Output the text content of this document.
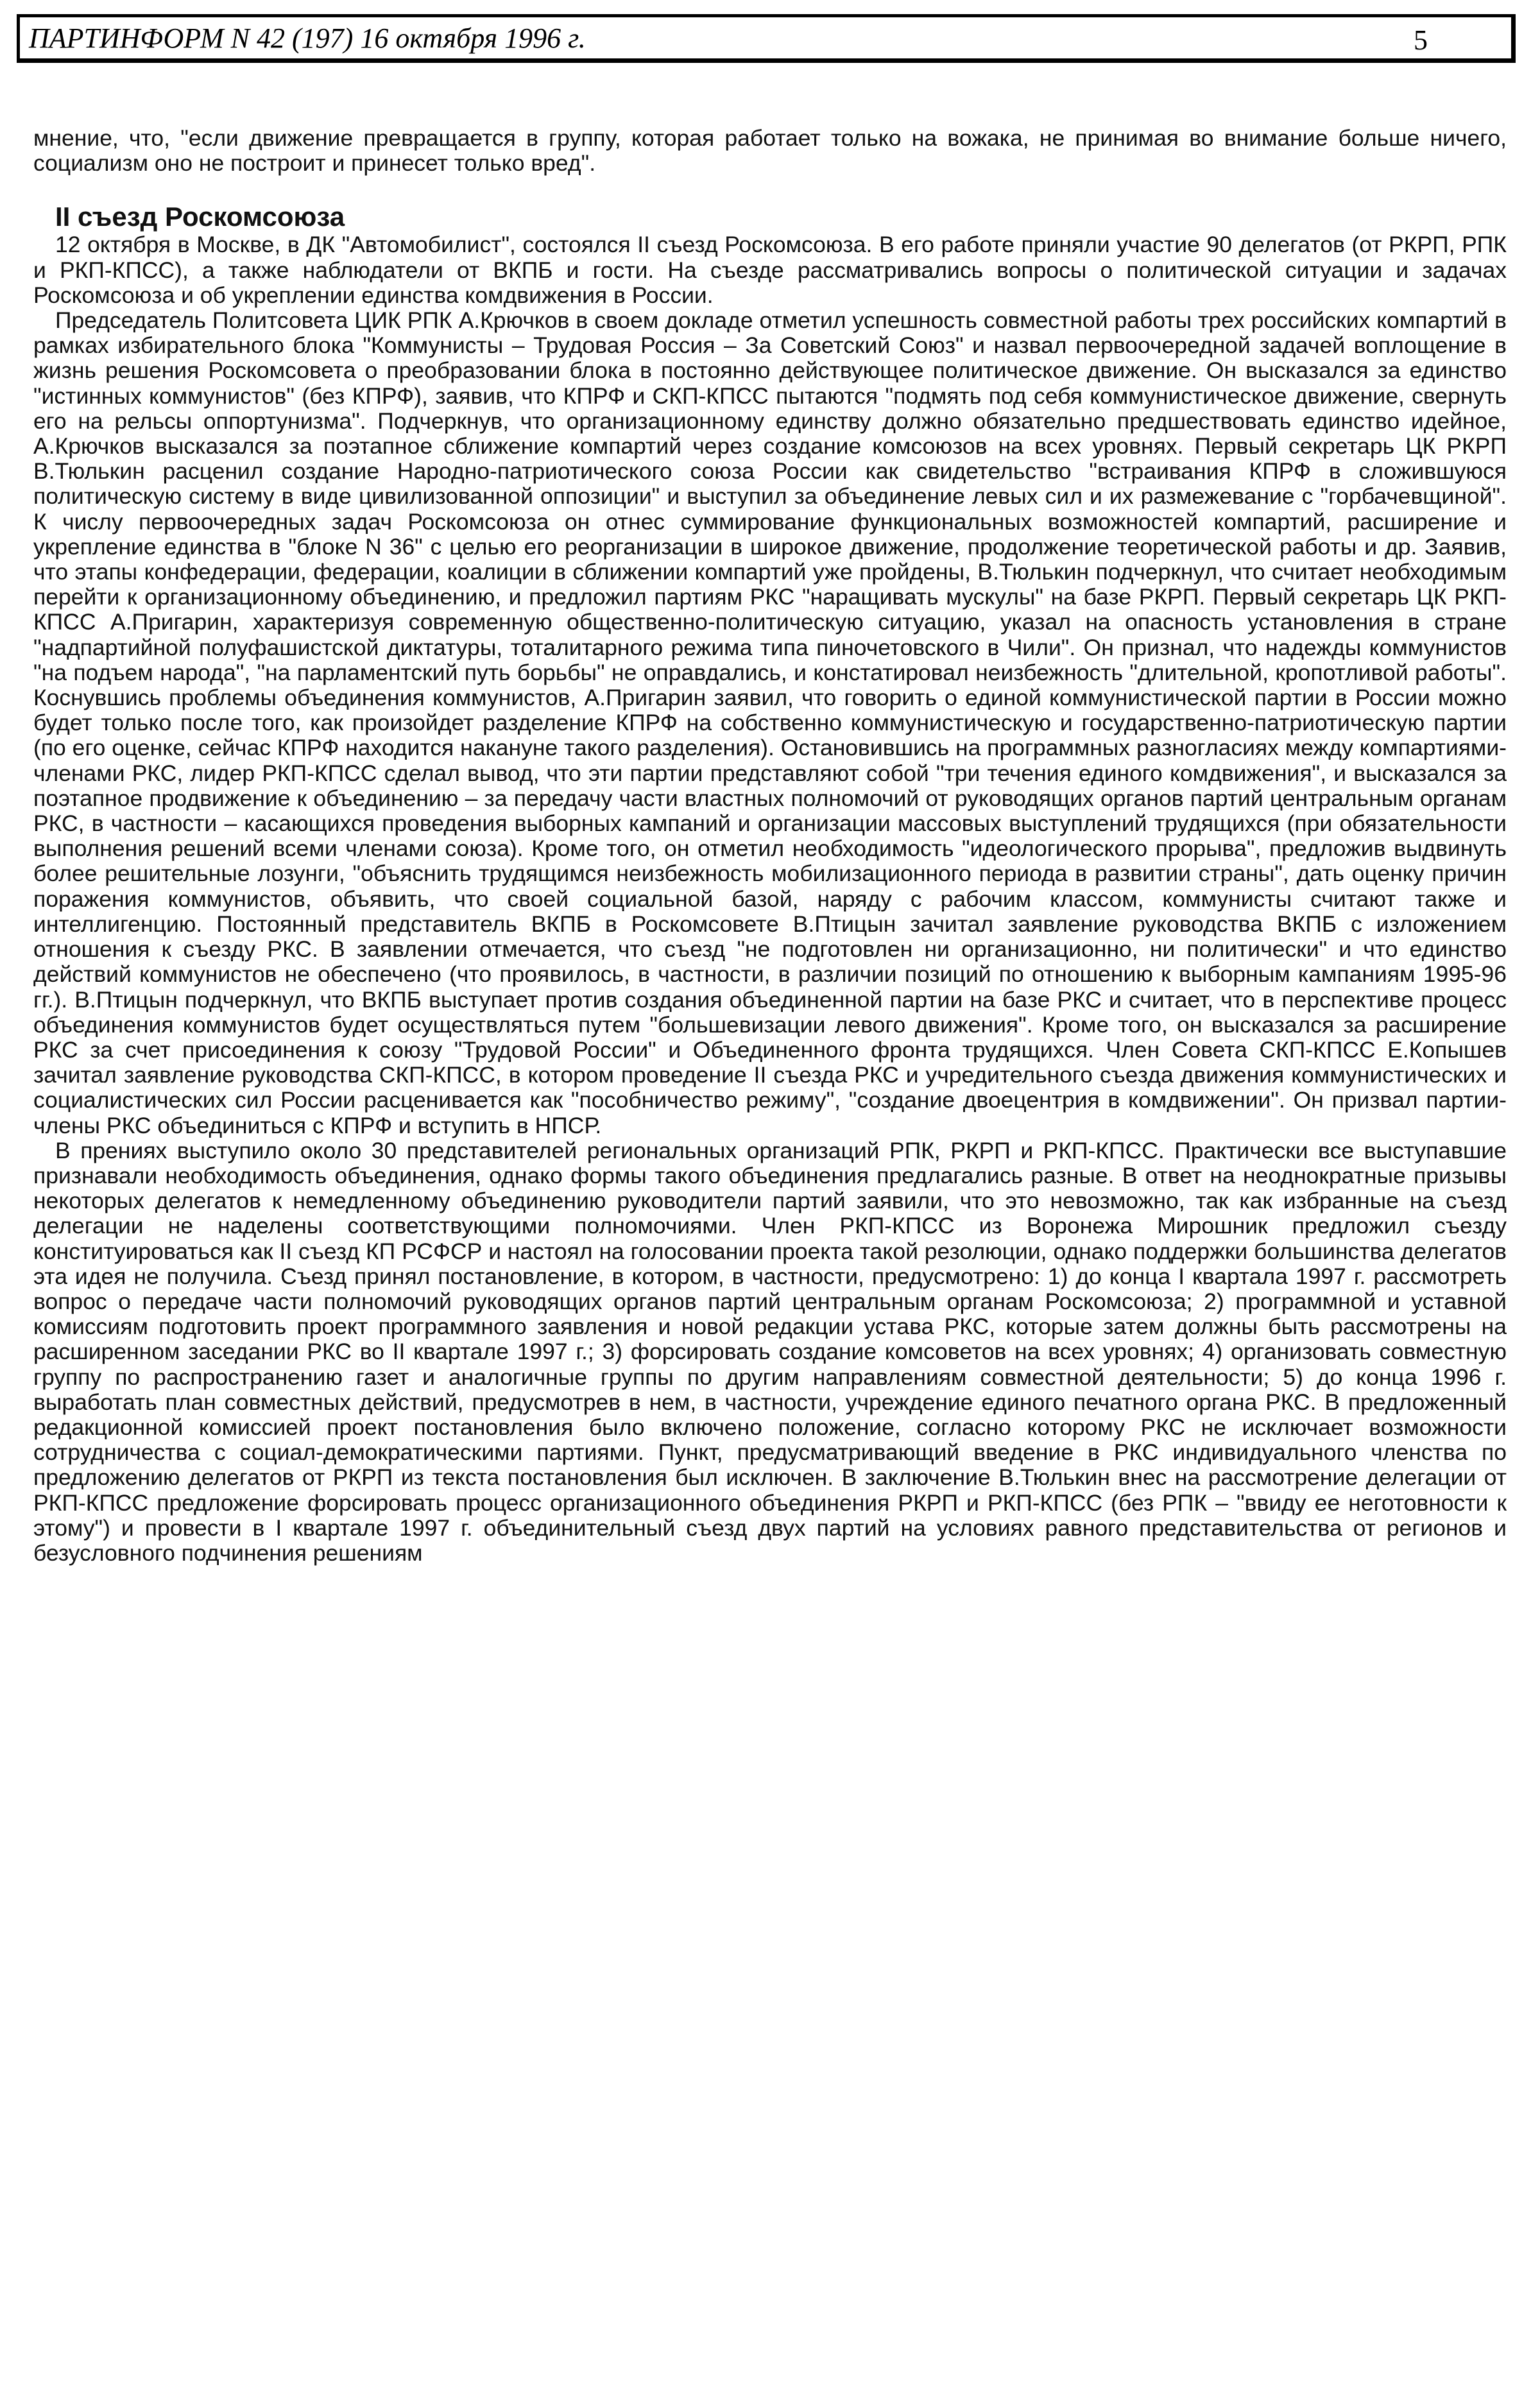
ПАРТИНФОРМ N 42 (197) 16 октября 1996 г.	5

мнение, что, "если движение превращается в группу, которая работает только на вожака, не принимая во внимание больше ничего, социализм оно не построит и принесет только вред".

II съезд Роскомсоюза

12 октября в Москве, в ДК "Автомобилист", состоялся II съезд Роскомсоюза. В его работе приняли участие 90 делегатов (от РКРП, РПК и РКП-КПСС), а также наблюдатели от ВКПБ и гости. На съезде рассматривались вопросы о политической ситуации и задачах Роскомсоюза и об укреплении единства комдвижения в России.

Председатель Политсовета ЦИК РПК А.Крючков в своем докладе отметил успешность совместной работы трех российских компартий в рамках избирательного блока "Коммунисты – Трудовая Россия – За Советский Союз" и назвал первоочередной задачей воплощение в жизнь решения Роскомсовета о преобразовании блока в постоянно действующее политическое движение. Он высказался за единство "истинных коммунистов" (без КПРФ), заявив, что КПРФ и СКП-КПСС пытаются "подмять под себя коммунистическое движение, свернуть его на рельсы оппортунизма". Подчеркнув, что организационному единству должно обязательно предшествовать единство идейное, А.Крючков высказался за поэтапное сближение компартий через создание комсоюзов на всех уровнях. Первый секретарь ЦК РКРП В.Тюлькин расценил создание Народно-патриотического союза России как свидетельство "встраивания КПРФ в сложившуюся политическую систему в виде цивилизованной оппозиции" и выступил за объединение левых сил и их размежевание с "горбачевщиной". К числу первоочередных задач Роскомсоюза он отнес суммирование функциональных возможностей компартий, расширение и укрепление единства в "блоке N 36" с целью его реорганизации в широкое движение, продолжение теоретической работы и др. Заявив, что этапы конфедерации, федерации, коалиции в сближении компартий уже пройдены, В.Тюлькин подчеркнул, что считает необходимым перейти к организационному объединению, и предложил партиям РКС "наращивать мускулы" на базе РКРП. Первый секретарь ЦК РКП-КПСС А.Пригарин, характеризуя современную общественно-политическую ситуацию, указал на опасность установления в стране "надпартийной полуфашистской диктатуры, тоталитарного режима типа пиночетовского в Чили". Он признал, что надежды коммунистов "на подъем народа", "на парламентский путь борьбы" не оправдались, и констатировал неизбежность "длительной, кропотливой работы". Коснувшись проблемы объединения коммунистов, А.Пригарин заявил, что говорить о единой коммунистической партии в России можно будет только после того, как произойдет разделение КПРФ на собственно коммунистическую и государственно-патриотическую партии (по его оценке, сейчас КПРФ находится накануне такого разделения). Остановившись на программных разногласиях между компартиями-членами РКС, лидер РКП-КПСС сделал вывод, что эти партии представляют собой "три течения единого комдвижения", и высказался за поэтапное продвижение к объединению – за передачу части властных полномочий от руководящих органов партий центральным органам РКС, в частности – касающихся проведения выборных кампаний и организации массовых выступлений трудящихся (при обязательности выполнения решений всеми членами союза). Кроме того, он отметил необходимость "идеологического прорыва", предложив выдвинуть более решительные лозунги, "объяснить трудящимся неизбежность мобилизационного периода в развитии страны", дать оценку причин поражения коммунистов, объявить, что своей социальной базой, наряду с рабочим классом, коммунисты считают также и интеллигенцию. Постоянный представитель ВКПБ в Роскомсовете В.Птицын зачитал заявление руководства ВКПБ с изложением отношения к съезду РКС. В заявлении отмечается, что съезд "не подготовлен ни организационно, ни политически" и что единство действий коммунистов не обеспечено (что проявилось, в частности, в различии позиций по отношению к выборным кампаниям 1995-96 гг.). В.Птицын подчеркнул, что ВКПБ выступает против создания объединенной партии на базе РКС и считает, что в перспективе процесс объединения коммунистов будет осуществляться путем "большевизации левого движения". Кроме того, он высказался за расширение РКС за счет присоединения к союзу "Трудовой России" и Объединенного фронта трудящихся. Член Совета СКП-КПСС Е.Копышев зачитал заявление руководства СКП-КПСС, в котором проведение II съезда РКС и учредительного съезда движения коммунистических и социалистических сил России расценивается как "пособничество режиму", "создание двоецентрия в комдвижении". Он призвал партии-члены РКС объединиться с КПРФ и вступить в НПСР.

В прениях выступило около 30 представителей региональных организаций РПК, РКРП и РКП-КПСС. Практически все выступавшие признавали необходимость объединения, однако формы такого объединения предлагались разные. В ответ на неоднократные призывы некоторых делегатов к немедленному объединению руководители партий заявили, что это невозможно, так как избранные на съезд делегации не наделены соответствующими полномочиями. Член РКП-КПСС из Воронежа Мирошник предложил съезду конституироваться как II съезд КП РСФСР и настоял на голосовании проекта такой резолюции, однако поддержки большинства делегатов эта идея не получила. Съезд принял постановление, в котором, в частности, предусмотрено: 1) до конца I квартала 1997 г. рассмотреть вопрос о передаче части полномочий руководящих органов партий центральным органам Роскомсоюза; 2) программной и уставной комиссиям подготовить проект программного заявления и новой редакции устава РКС, которые затем должны быть рассмотрены на расширенном заседании РКС во II квартале 1997 г.; 3) форсировать создание комсоветов на всех уровнях; 4) организовать совместную группу по распространению газет и аналогичные группы по другим направлениям совместной деятельности; 5) до конца 1996 г. выработать план совместных действий, предусмотрев в нем, в частности, учреждение единого печатного органа РКС. В предложенный редакционной комиссией проект постановления было включено положение, согласно которому РКС не исключает возможности сотрудничества с социал-демократическими партиями. Пункт, предусматривающий введение в РКС индивидуального членства по предложению делегатов от РКРП из текста постановления был исключен. В заключение В.Тюлькин внес на рассмотрение делегации от РКП-КПСС предложение форсировать процесс организационного объединения РКРП и РКП-КПСС (без РПК – "ввиду ее неготовности к этому") и провести в I квартале 1997 г. объединительный съезд двух партий на условиях равного представительства от регионов и безусловного подчинения решениям
